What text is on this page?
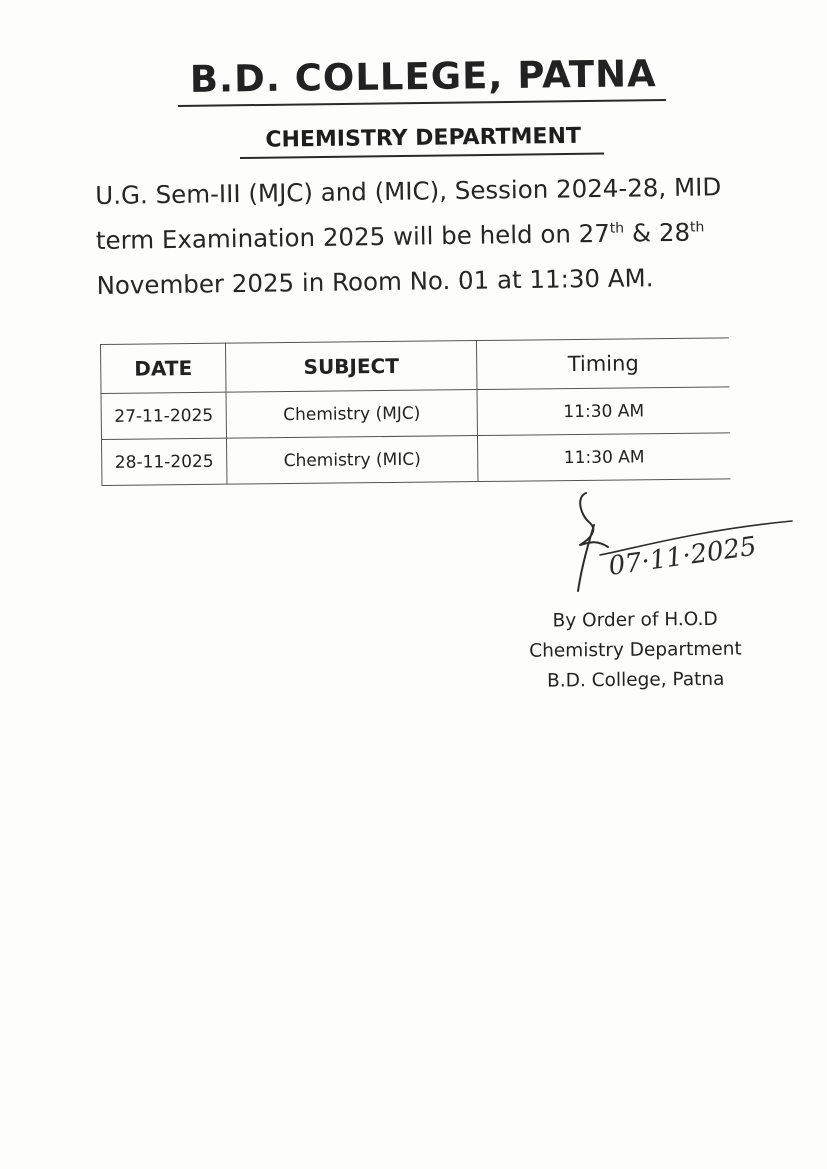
B.D. COLLEGE, PATNA
CHEMISTRY DEPARTMENT
U.G. Sem-III (MJC) and (MIC), Session 2024-28, MID
term Examination 2025 will be held on 27th & 28th
November 2025 in Room No. 01 at 11:30 AM.
DATE	SUBJECT	Timing
27-11-2025	Chemistry (MJC)	11:30 AM
28-11-2025	Chemistry (MIC)	11:30 AM
07·11·2025
By Order of H.O.D
Chemistry Department
B.D. College, Patna
